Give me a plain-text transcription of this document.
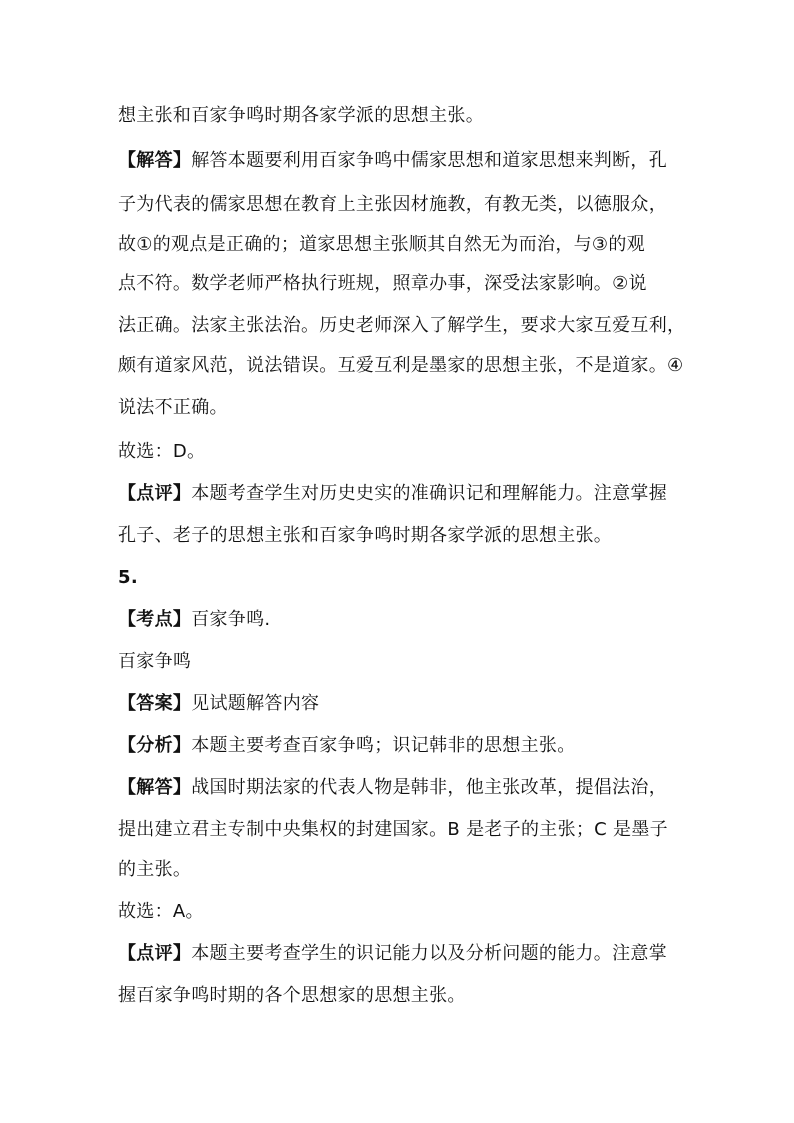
想主张和百家争鸣时期各家学派的思想主张。
【解答】解答本题要利用百家争鸣中儒家思想和道家思想来判断，孔
子为代表的儒家思想在教育上主张因材施教，有教无类，以德服众，
故①的观点是正确的；道家思想主张顺其自然无为而治，与③的观
点不符。数学老师严格执行班规，照章办事，深受法家影响。②说
法正确。法家主张法治。历史老师深入了解学生，要求大家互爱互利，
颇有道家风范，说法错误。互爱互利是墨家的思想主张，不是道家。④
说法不正确。
故选：D。
【点评】本题考查学生对历史史实的准确识记和理解能力。注意掌握
孔子、老子的思想主张和百家争鸣时期各家学派的思想主张。
5.
【考点】百家争鸣.
百家争鸣
【答案】见试题解答内容
【分析】本题主要考查百家争鸣；识记韩非的思想主张。
【解答】战国时期法家的代表人物是韩非，他主张改革，提倡法治，
提出建立君主专制中央集权的封建国家。B 是老子的主张；C 是墨子
的主张。
故选：A。
【点评】本题主要考查学生的识记能力以及分析问题的能力。注意掌
握百家争鸣时期的各个思想家的思想主张。
